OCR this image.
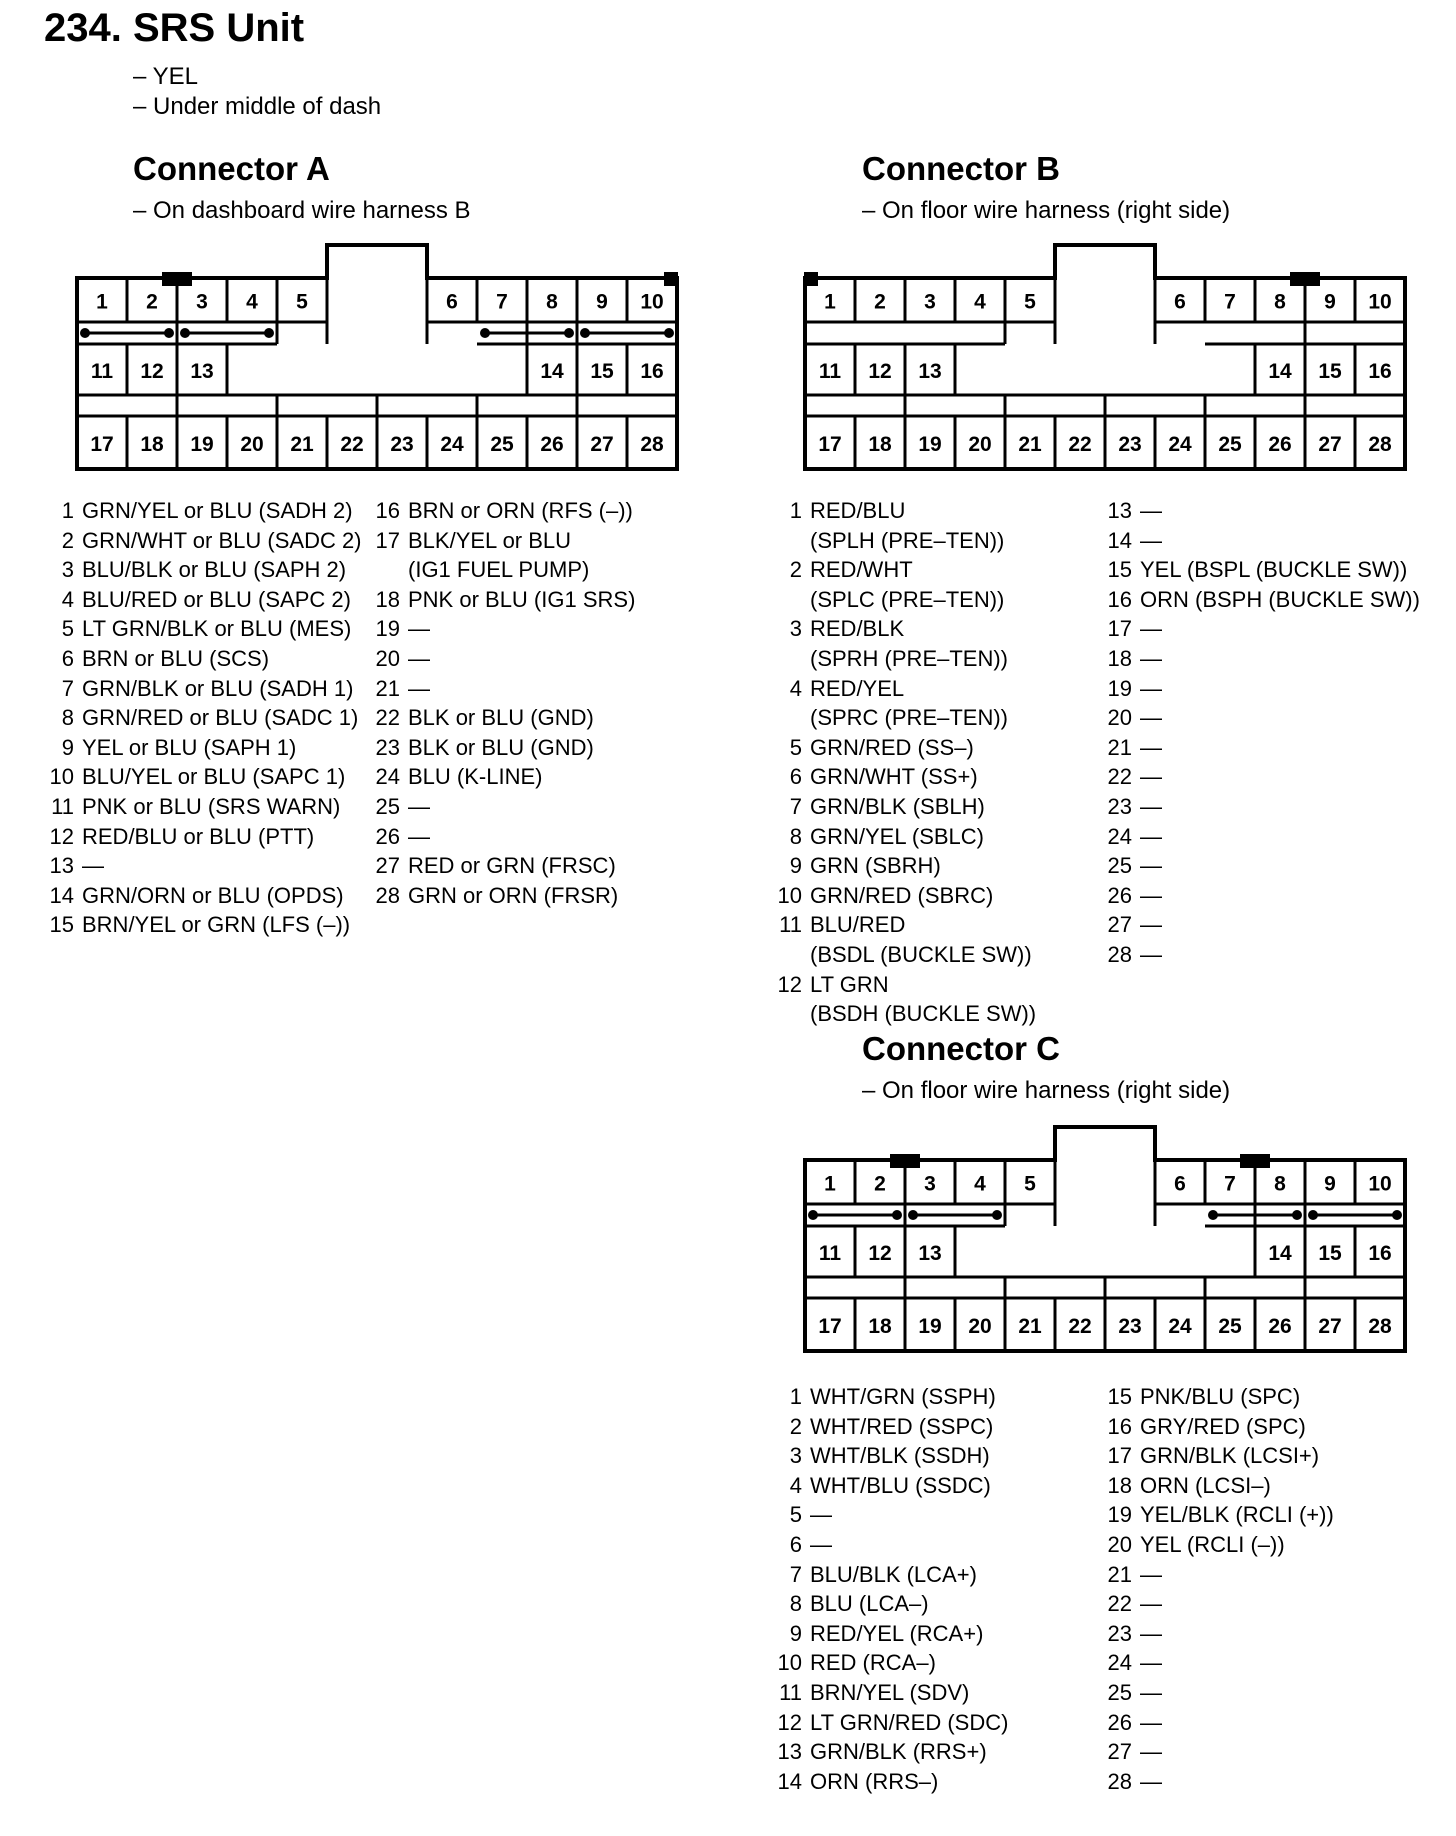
234. SRS Unit
– YEL
– Under middle of dash
Connector A
– On dashboard wire harness B
1 2 3 4 5	6 7 8 9 10
11 12 13	14 15 16
17 18 19 20 21 22 23 24 25 26 27 28
1 GRN/YEL or BLU (SADH 2)
2 GRN/WHT or BLU (SADC 2)
3 BLU/BLK or BLU (SAPH 2)
4 BLU/RED or BLU (SAPC 2)
5 LT GRN/BLK or BLU (MES)
6 BRN or BLU (SCS)
7 GRN/BLK or BLU (SADH 1)
8 GRN/RED or BLU (SADC 1)
9 YEL or BLU (SAPH 1)
10 BLU/YEL or BLU (SAPC 1)
11 PNK or BLU (SRS WARN)
12 RED/BLU or BLU (PTT)
13 —
14 GRN/ORN or BLU (OPDS)
15 BRN/YEL or GRN (LFS (–))
16 BRN or ORN (RFS (–))
17 BLK/YEL or BLU
(IG1 FUEL PUMP)
18 PNK or BLU (IG1 SRS)
19 —
20 —
21 —
22 BLK or BLU (GND)
23 BLK or BLU (GND)
24 BLU (K-LINE)
25 —
26 —
27 RED or GRN (FRSC)
28 GRN or ORN (FRSR)
Connector B
– On floor wire harness (right side)
1 2 3 4 5	6 7 8 9 10
11 12 13	14 15 16
17 18 19 20 21 22 23 24 25 26 27 28
1 RED/BLU
(SPLH (PRE–TEN))
2 RED/WHT
(SPLC (PRE–TEN))
3 RED/BLK
(SPRH (PRE–TEN))
4 RED/YEL
(SPRC (PRE–TEN))
5 GRN/RED (SS–)
6 GRN/WHT (SS+)
7 GRN/BLK (SBLH)
8 GRN/YEL (SBLC)
9 GRN (SBRH)
10 GRN/RED (SBRC)
11 BLU/RED
(BSDL (BUCKLE SW))
12 LT GRN
(BSDH (BUCKLE SW))
13 —
14 —
15 YEL (BSPL (BUCKLE SW))
16 ORN (BSPH (BUCKLE SW))
17 —
18 —
19 —
20 —
21 —
22 —
23 —
24 —
25 —
26 —
27 —
28 —
Connector C
– On floor wire harness (right side)
1 2 3 4 5	6 7 8 9 10
11 12 13	14 15 16
17 18 19 20 21 22 23 24 25 26 27 28
1 WHT/GRN (SSPH)
2 WHT/RED (SSPC)
3 WHT/BLK (SSDH)
4 WHT/BLU (SSDC)
5 —
6 —
7 BLU/BLK (LCA+)
8 BLU (LCA–)
9 RED/YEL (RCA+)
10 RED (RCA–)
11 BRN/YEL (SDV)
12 LT GRN/RED (SDC)
13 GRN/BLK (RRS+)
14 ORN (RRS–)
15 PNK/BLU (SPC)
16 GRY/RED (SPC)
17 GRN/BLK (LCSI+)
18 ORN (LCSI–)
19 YEL/BLK (RCLI (+))
20 YEL (RCLI (–))
21 —
22 —
23 —
24 —
25 —
26 —
27 —
28 —
